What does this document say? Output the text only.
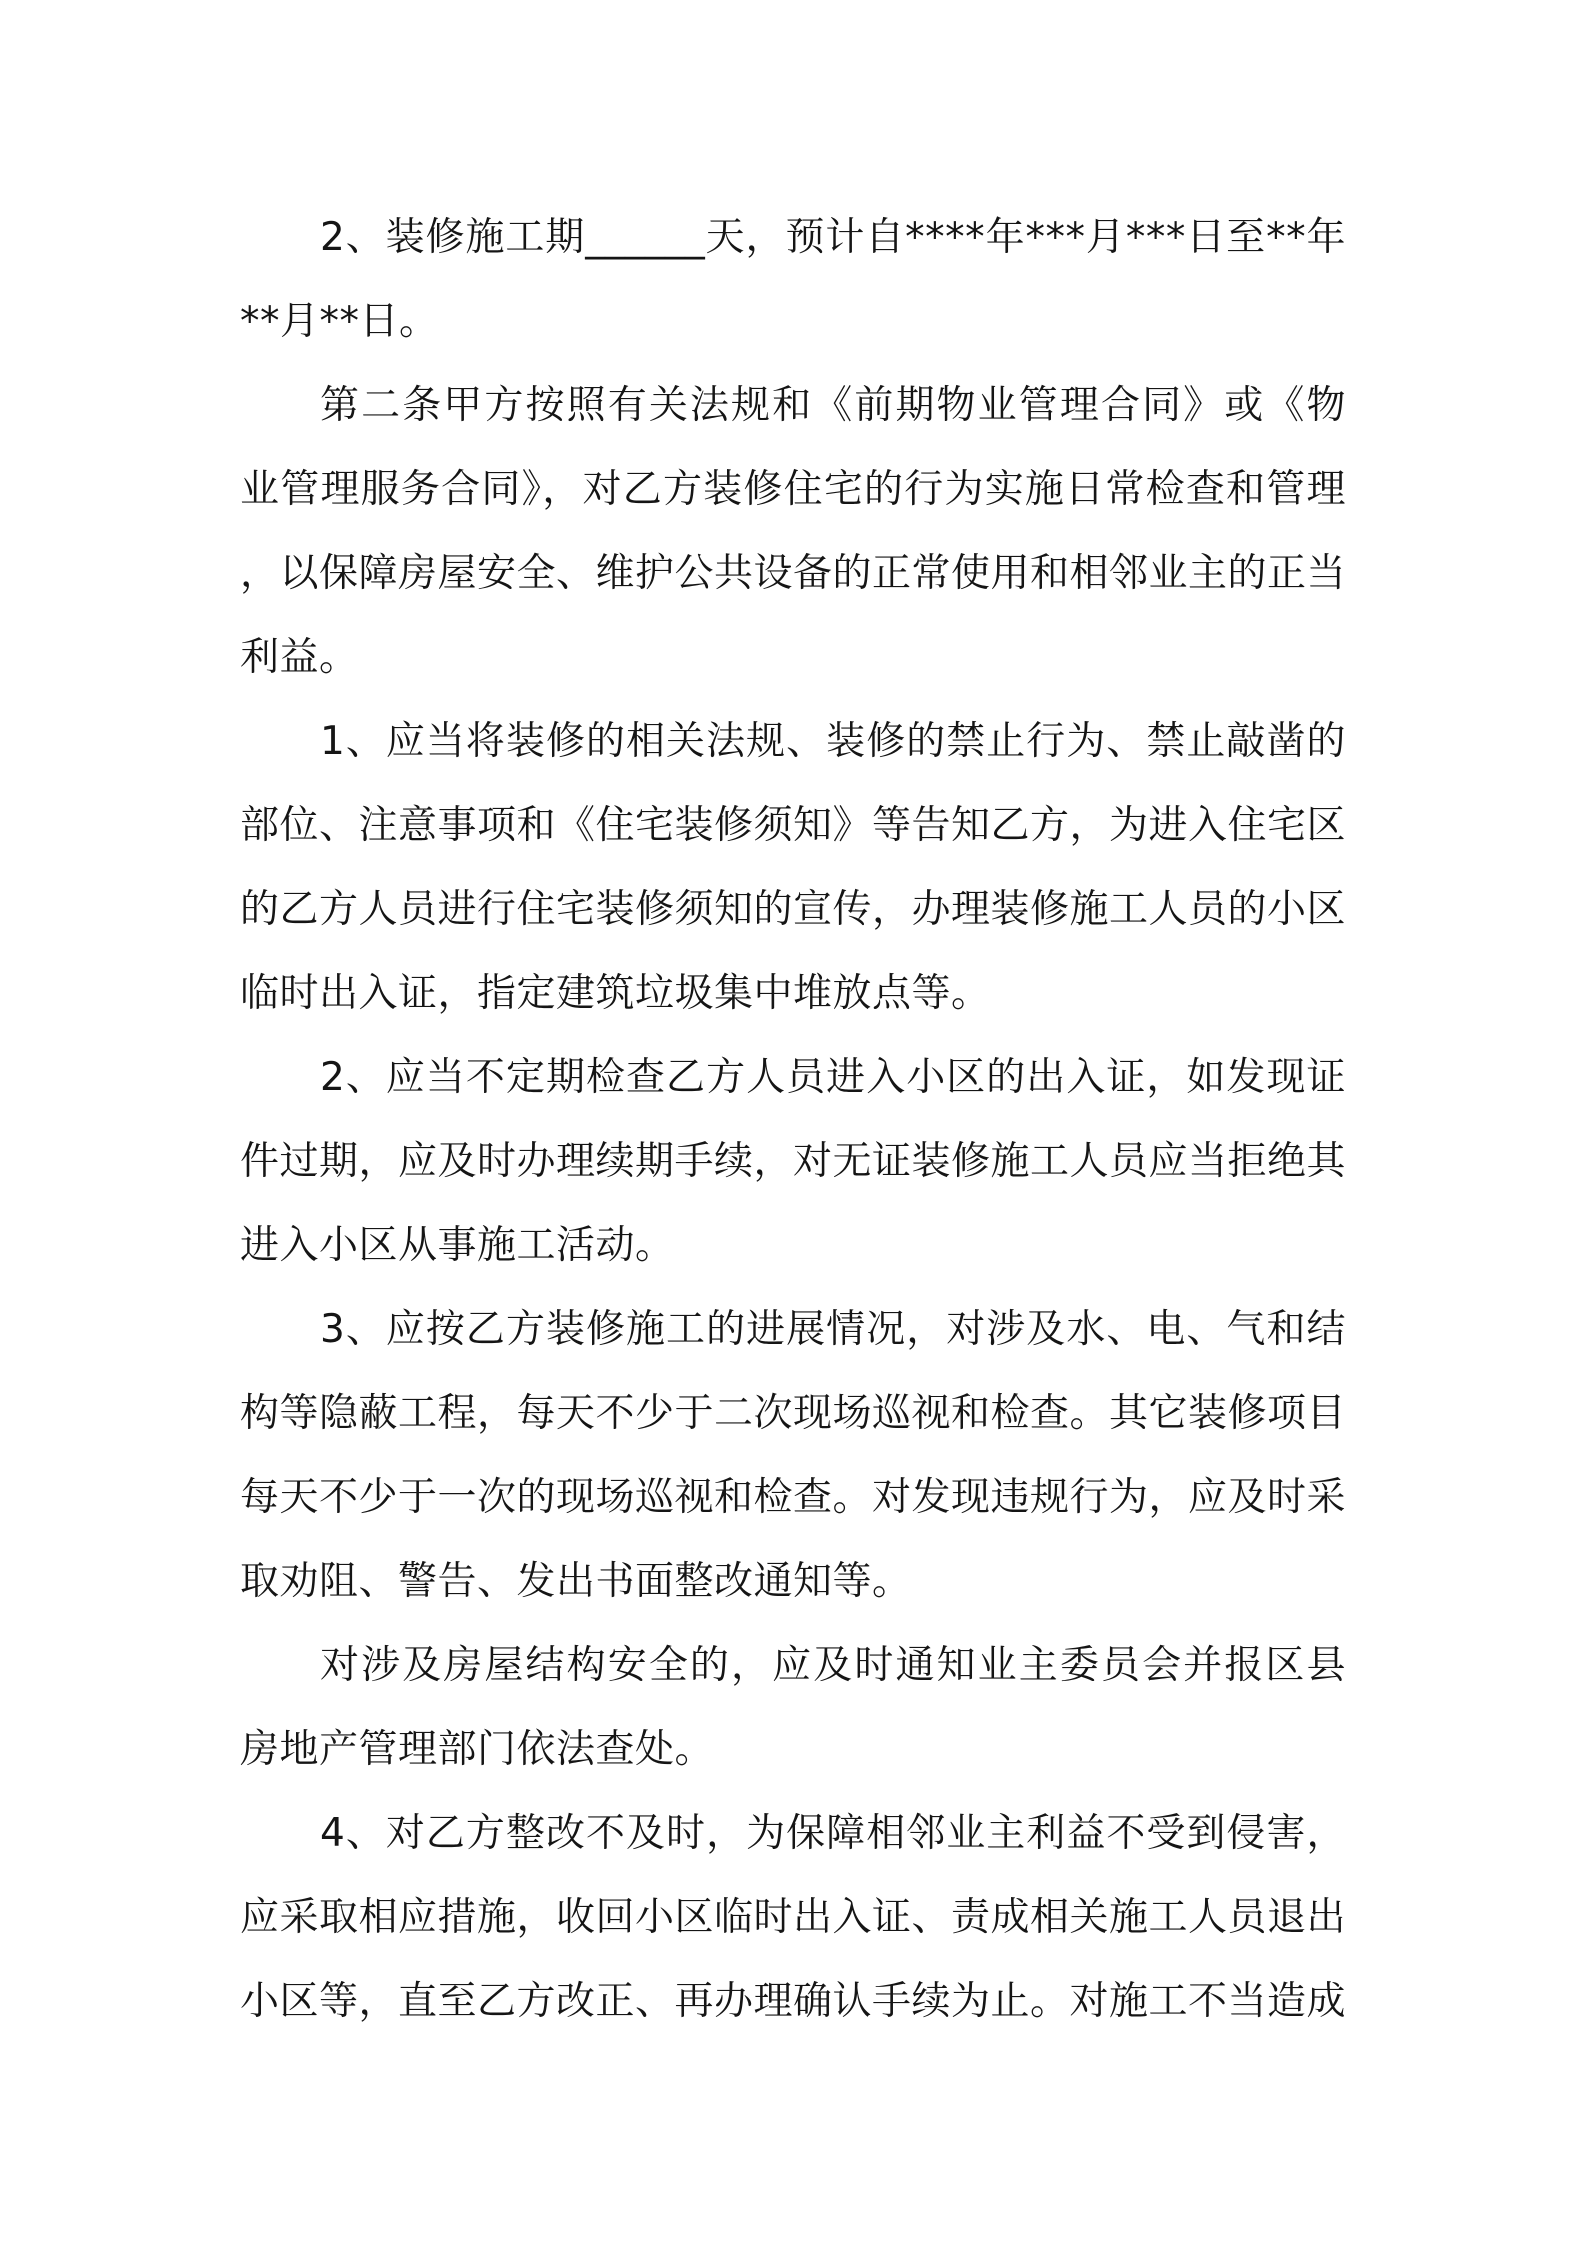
2、装修施工期______天，预计自****年***月***日至**年**月**日。

第二条甲方按照有关法规和《前期物业管理合同》或《物业管理服务合同》，对乙方装修住宅的行为实施日常检查和管理，以保障房屋安全、维护公共设备的正常使用和相邻业主的正当利益。

1、应当将装修的相关法规、装修的禁止行为、禁止敲凿的部位、注意事项和《住宅装修须知》等告知乙方，为进入住宅区的乙方人员进行住宅装修须知的宣传，办理装修施工人员的小区临时出入证，指定建筑垃圾集中堆放点等。

2、应当不定期检查乙方人员进入小区的出入证，如发现证件过期，应及时办理续期手续，对无证装修施工人员应当拒绝其进入小区从事施工活动。

3、应按乙方装修施工的进展情况，对涉及水、电、气和结构等隐蔽工程，每天不少于二次现场巡视和检查。其它装修项目每天不少于一次的现场巡视和检查。对发现违规行为，应及时采取劝阻、警告、发出书面整改通知等。

对涉及房屋结构安全的，应及时通知业主委员会并报区县房地产管理部门依法查处。

4、对乙方整改不及时，为保障相邻业主利益不受到侵害，应采取相应措施，收回小区临时出入证、责成相关施工人员退出小区等，直至乙方改正、再办理确认手续为止。对施工不当造成
